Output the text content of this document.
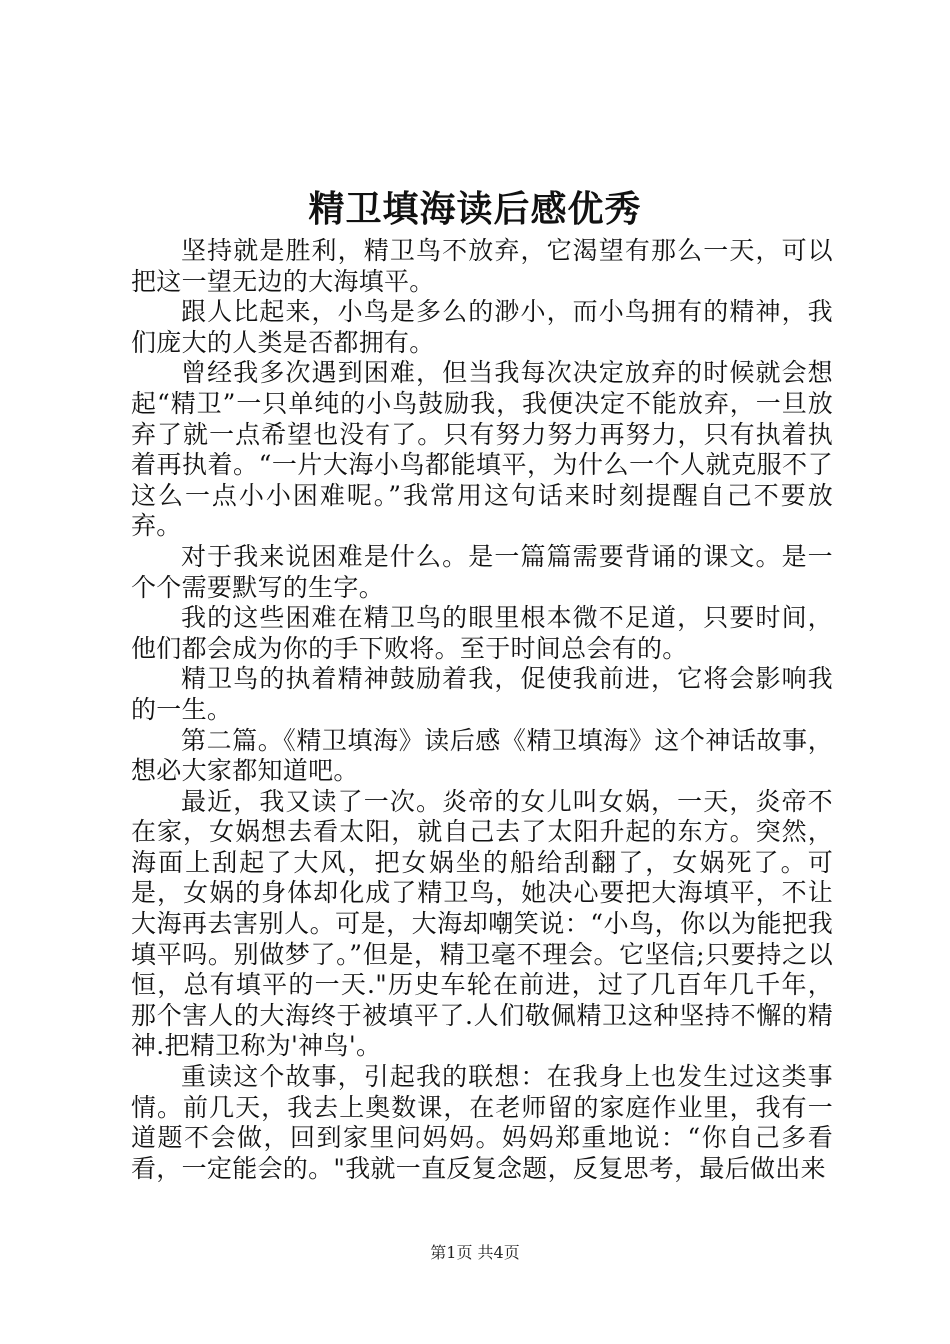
精卫填海读后感优秀

坚持就是胜利，精卫鸟不放弃，它渴望有那么一天，可以把这一望无边的大海填平。

跟人比起来，小鸟是多么的渺小，而小鸟拥有的精神，我们庞大的人类是否都拥有。

曾经我多次遇到困难，但当我每次决定放弃的时候就会想起“精卫”一只单纯的小鸟鼓励我，我便决定不能放弃，一旦放弃了就一点希望也没有了。只有努力努力再努力，只有执着执着再执着。“一片大海小鸟都能填平，为什么一个人就克服不了这么一点小小困难呢。”我常用这句话来时刻提醒自己不要放弃。

对于我来说困难是什么。是一篇篇需要背诵的课文。是一个个需要默写的生字。

我的这些困难在精卫鸟的眼里根本微不足道，只要时间，他们都会成为你的手下败将。至于时间总会有的。

精卫鸟的执着精神鼓励着我，促使我前进，它将会影响我的一生。

第二篇。《精卫填海》读后感《精卫填海》这个神话故事，想必大家都知道吧。

最近，我又读了一次。炎帝的女儿叫女娲，一天，炎帝不在家，女娲想去看太阳，就自己去了太阳升起的东方。突然，海面上刮起了大风，把女娲坐的船给刮翻了，女娲死了。可是，女娲的身体却化成了精卫鸟，她决心要把大海填平，不让大海再去害别人。可是，大海却嘲笑说：“小鸟，你以为能把我填平吗。别做梦了。”但是，精卫毫不理会。它坚信;只要持之以恒，总有填平的一天."历史车轮在前进，过了几百年几千年，那个害人的大海终于被填平了.人们敬佩精卫这种坚持不懈的精神.把精卫称为'神鸟'。

重读这个故事，引起我的联想：在我身上也发生过这类事情。前几天，我去上奥数课，在老师留的家庭作业里，我有一道题不会做，回到家里问妈妈。妈妈郑重地说：“你自己多看看，一定能会的。"我就一直反复念题，反复思考，最后做出来

第1页 共4页
